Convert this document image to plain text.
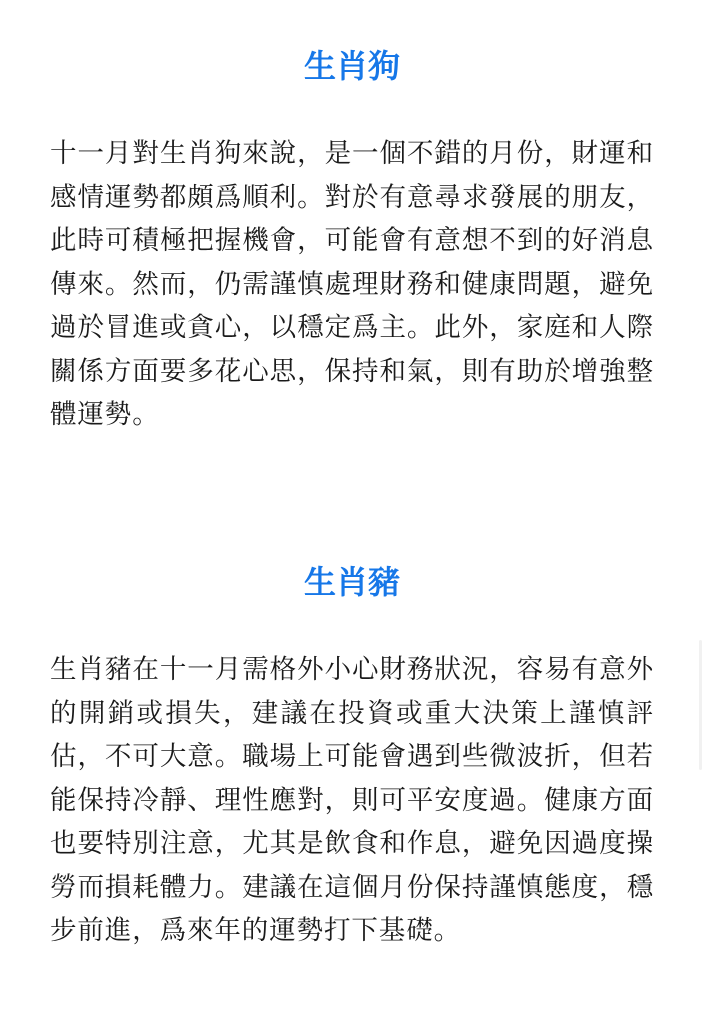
生肖狗

十一月對生肖狗來說，是一個不錯的月份，財運和感情運勢都頗爲順利。對於有意尋求發展的朋友，此時可積極把握機會，可能會有意想不到的好消息傳來。然而，仍需謹慎處理財務和健康問題，避免過於冒進或貪心，以穩定爲主。此外，家庭和人際關係方面要多花心思，保持和氣，則有助於增強整體運勢。

生肖豬

生肖豬在十一月需格外小心財務狀況，容易有意外的開銷或損失，建議在投資或重大決策上謹慎評估，不可大意。職場上可能會遇到些微波折，但若能保持冷靜、理性應對，則可平安度過。健康方面也要特別注意，尤其是飲食和作息，避免因過度操勞而損耗體力。建議在這個月份保持謹慎態度，穩步前進，爲來年的運勢打下基礎。
